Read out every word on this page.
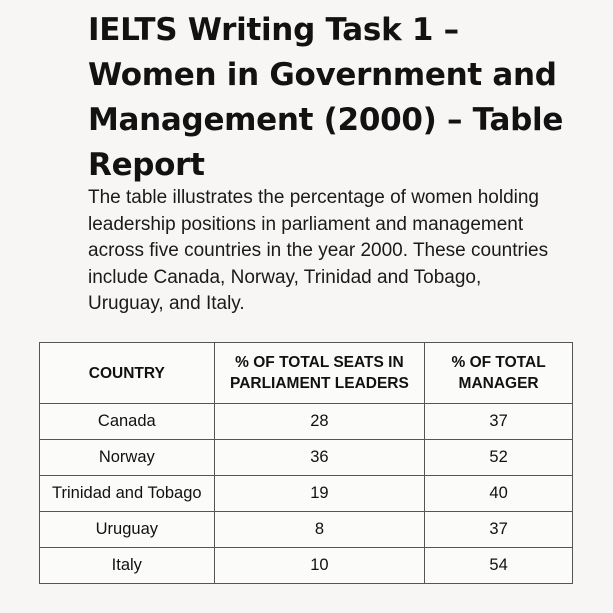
IELTS Writing Task 1 – Women in Government and Management (2000) – Table Report

The table illustrates the percentage of women holding leadership positions in parliament and management across five countries in the year 2000. These countries include Canada, Norway, Trinidad and Tobago, Uruguay, and Italy.

COUNTRY	% OF TOTAL SEATS IN PARLIAMENT LEADERS	% OF TOTAL MANAGER
Canada	28	37
Norway	36	52
Trinidad and Tobago	19	40
Uruguay	8	37
Italy	10	54
